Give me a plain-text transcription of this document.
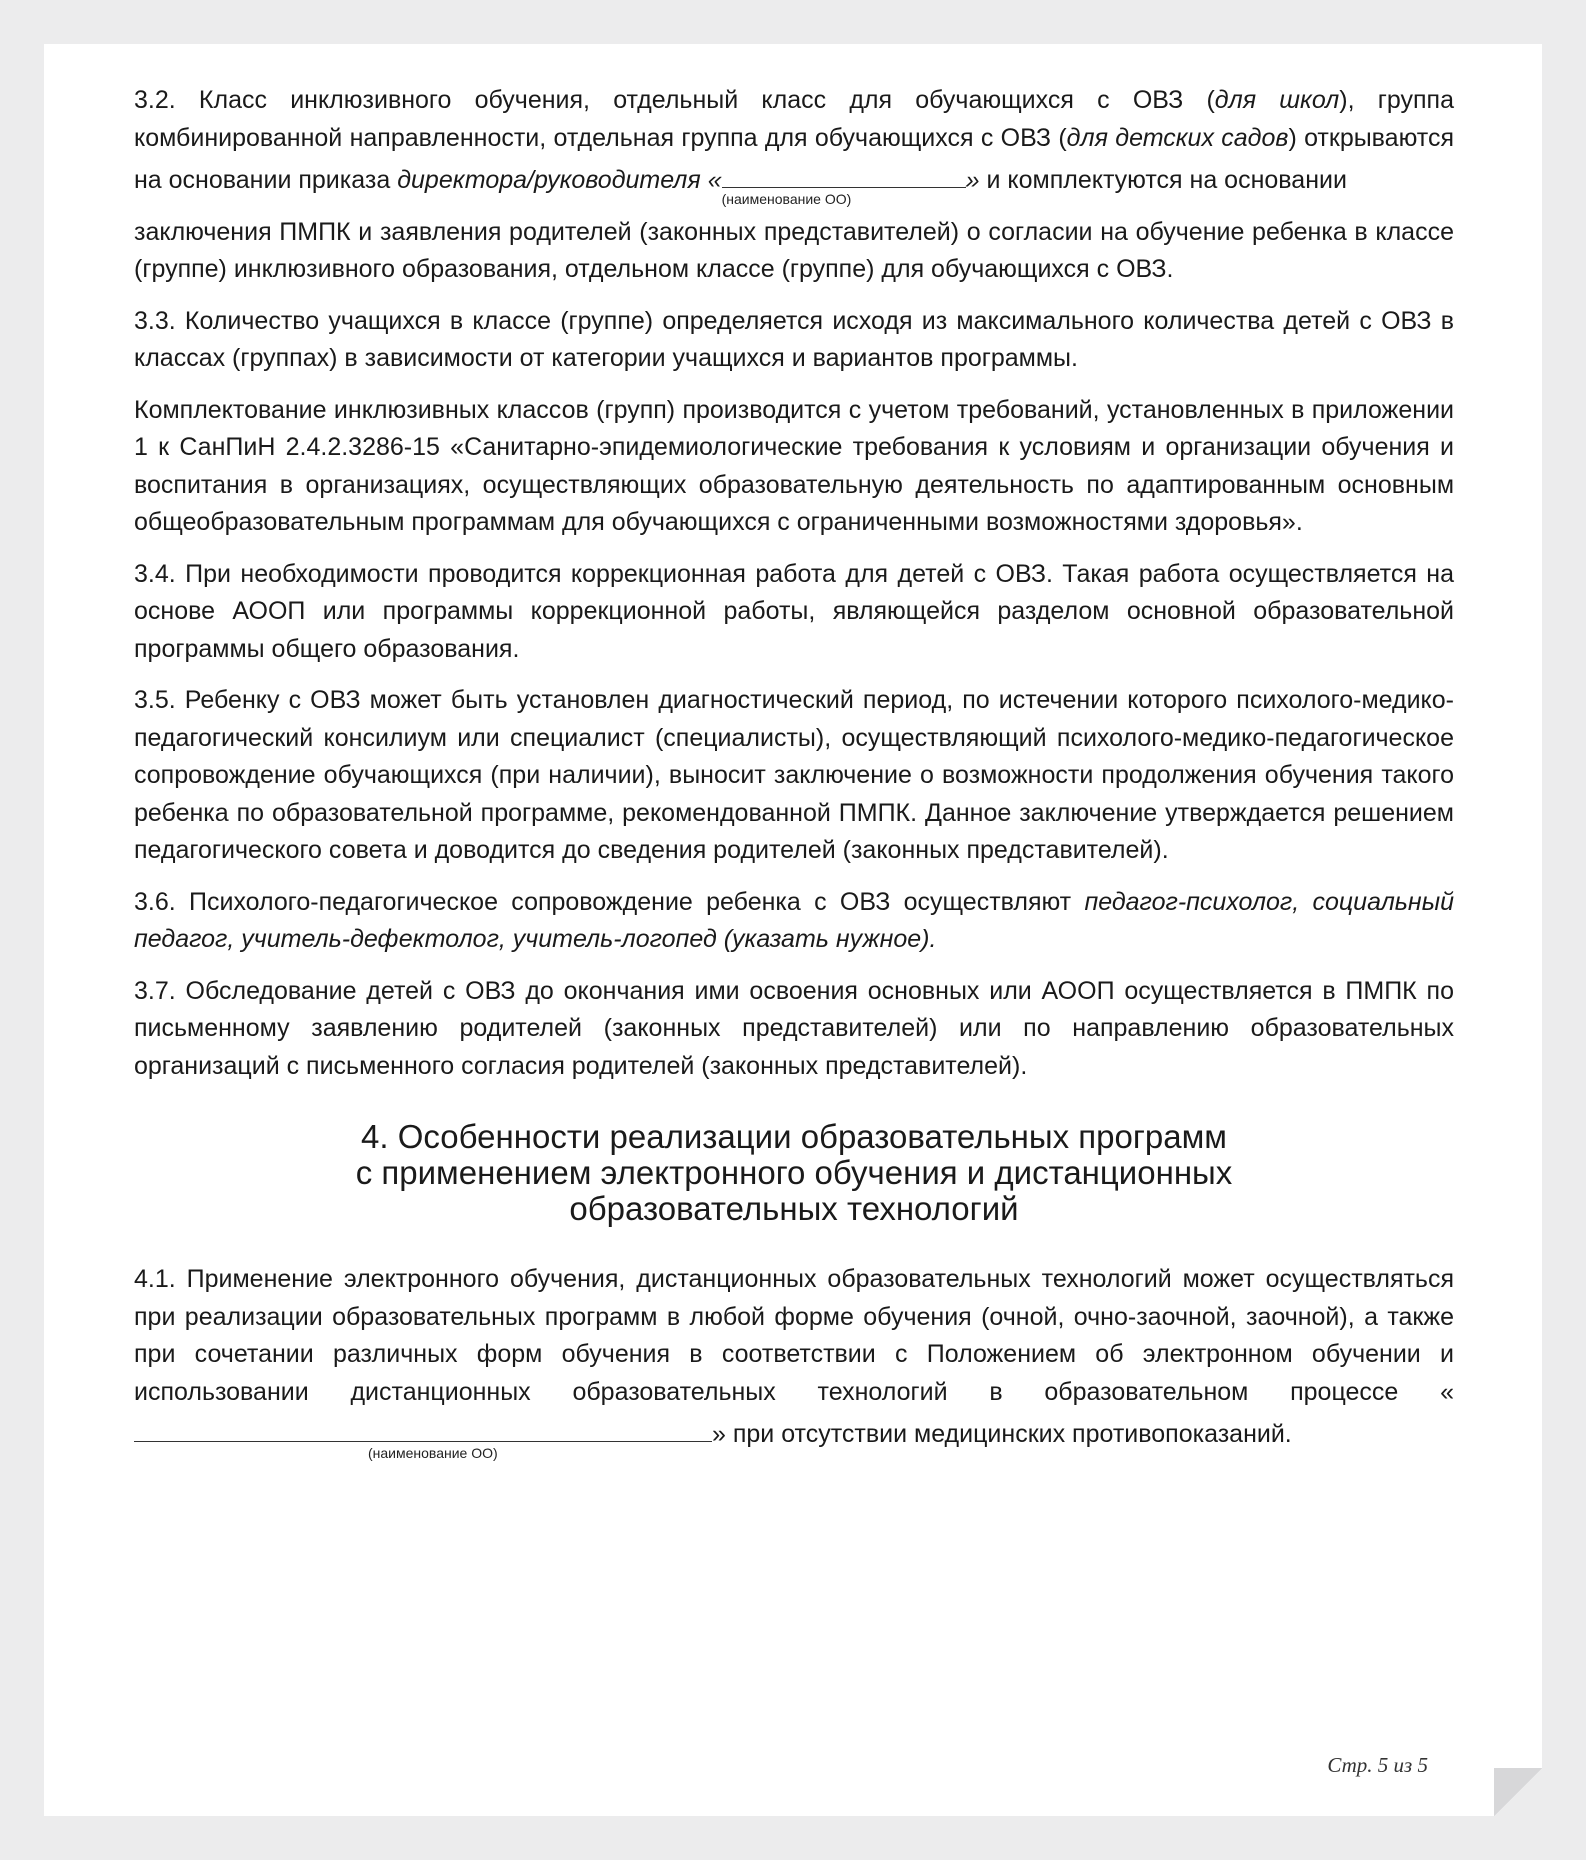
3.2. Класс инклюзивного обучения, отдельный класс для обучающихся с ОВЗ (для школ), группа комбинированной направленности, отдельная группа для обучающихся с ОВЗ (для детских садов) открываются на основании приказа директора/руководителя «
(наименование ОО)
» и комплектуются на основании

заключения ПМПК и заявления родителей (законных представителей) о согласии на обучение ребенка в классе (группе) инклюзивного образования, отдельном классе (группе) для обучающихся с ОВЗ.

3.3. Количество учащихся в классе (группе) определяется исходя из максимального количества детей с ОВЗ в классах (группах) в зависимости от категории учащихся и вариантов программы.

Комплектование инклюзивных классов (групп) производится с учетом требований, установленных в приложении 1 к СанПиН 2.4.2.3286-15 «Санитарно-эпидемиологические требования к условиям и организации обучения и воспитания в организациях, осуществляющих образовательную деятельность по адаптированным основным общеобразовательным программам для обучающихся с ограниченными возможностями здоровья».

3.4. При необходимости проводится коррекционная работа для детей с ОВЗ. Такая работа осуществляется на основе АООП или программы коррекционной работы, являющейся разделом основной образовательной программы общего образования.

3.5. Ребенку с ОВЗ может быть установлен диагностический период, по истечении которого психолого-медико-педагогический консилиум или специалист (специалисты), осуществляющий психолого-медико-педагогическое сопровождение обучающихся (при наличии), выносит заключение о возможности продолжения обучения такого ребенка по образовательной программе, рекомендованной ПМПК. Данное заключение утверждается решением педагогического совета и доводится до сведения родителей (законных представителей).

3.6. Психолого-педагогическое сопровождение ребенка с ОВЗ осуществляют педагог-психолог, социальный педагог, учитель-дефектолог, учитель-логопед (указать нужное).

3.7. Обследование детей с ОВЗ до окончания ими освоения основных или АООП осуществляется в ПМПК по письменному заявлению родителей (законных представителей) или по направлению образовательных организаций с письменного согласия родителей (законных представителей).

4. Особенности реализации образовательных программ
с применением электронного обучения и дистанционных
образовательных технологий

4.1. Применение электронного обучения, дистанционных образовательных технологий может осуществляться при реализации образовательных программ в любой форме обучения (очной, очно-заочной, заочной), а также при сочетании различных форм обучения в соответствии с Положением об электронном обучении и использовании дистанционных образовательных технологий в образовательном процессе «
(наименование ОО)
» при отсутствии медицинских противопоказаний.

Стр. 5 из 5
